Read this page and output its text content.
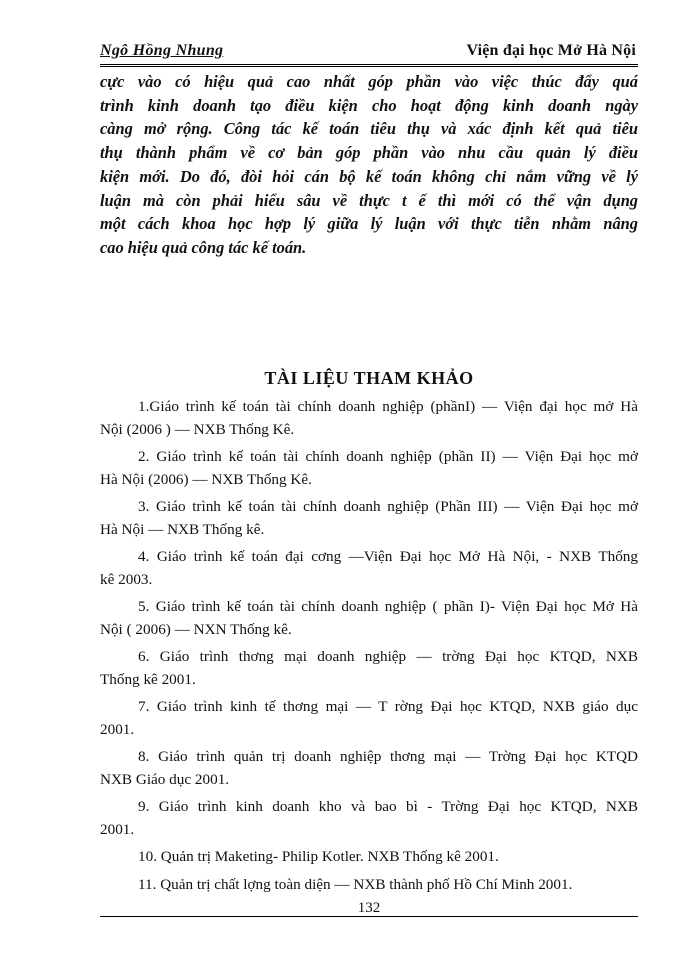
Ngô Hồng Nhung	Viện đại học Mở Hà Nội

cực vào có hiệu quả cao nhất góp phần vào việc thúc đẩy quá
trình kinh doanh tạo điều kiện cho hoạt động kinh doanh ngày
càng mở rộng. Công tác kế toán tiêu thụ và xác định kết quả tiêu
thụ thành phẩm về cơ bản góp phần vào nhu cầu quản lý điều
kiện mới. Do đó, đòi hỏi cán bộ kế toán không chỉ nắm vững về lý
luận mà còn phải hiểu sâu về thực t ế thì mới có thể vận dụng
một cách khoa học hợp lý giữa lý luận với thực tiễn nhằm nâng
cao hiệu quả công tác kế toán.

TÀI LIỆU THAM KHẢO
1.Giáo trình kế toán tài chính doanh nghiệp (phầnI) — Viện đại học mở Hà
Nội (2006 ) — NXB Thống Kê.
2. Giáo trình kế toán tài chính doanh nghiệp (phần II) — Viện Đại học mở
Hà Nội (2006) — NXB Thống Kê.
3. Giáo trình kế toán tài chính doanh nghiệp (Phần III) — Viện Đại học mở
Hà Nội — NXB Thống kê.
4. Giáo trình kế toán đại cơng —Viện Đại học Mở Hà Nội, - NXB Thống
kê 2003.
5. Giáo trình kế toán tài chính doanh nghiệp ( phần I)- Viện Đại học Mở Hà
Nội ( 2006) — NXN Thống kê.
6. Giáo trình thơng mại doanh nghiệp — trờng Đại học KTQD, NXB
Thống kê 2001.
7. Giáo trình kinh tế thơng mại — T rờng Đại học KTQD, NXB giáo dục
2001.
8. Giáo trình quản trị doanh nghiệp thơng mại — Trờng Đại học KTQD
NXB Giáo dục 2001.
9. Giáo trình kinh doanh kho và bao bì - Trờng Đại học KTQD, NXB
2001.
10. Quản trị Maketing- Philip Kotler. NXB Thống kê 2001.
11. Quản trị chất lợng toàn diện — NXB thành phố Hồ Chí Minh 2001.
132
